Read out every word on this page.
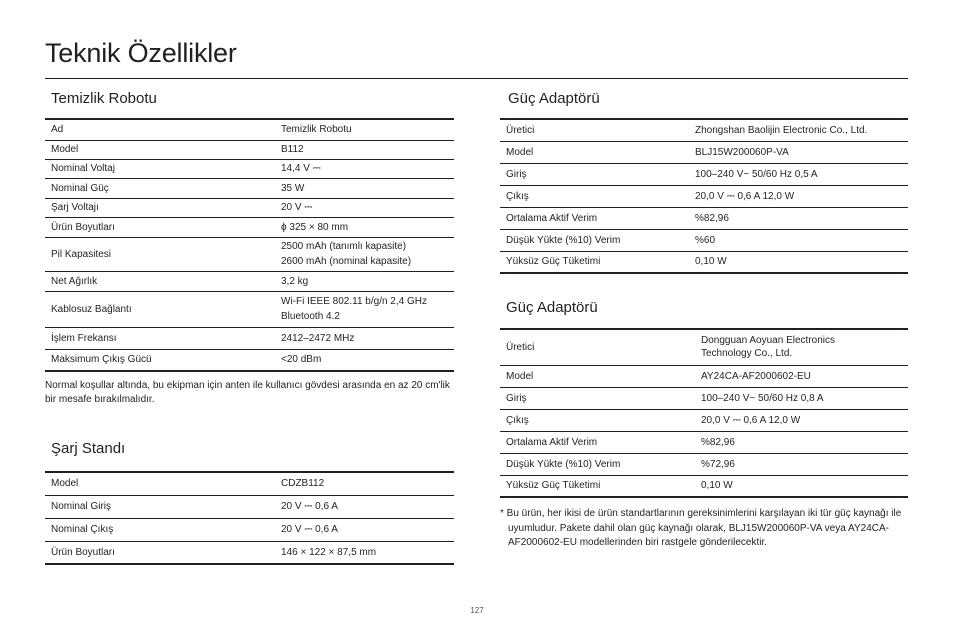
Teknik Özellikler
Temizlik Robotu
Ad	Temizlik Robotu
Model	B112
Nominal Voltaj	14,4 V ⎓
Nominal Güç	35 W
Şarj Voltajı	20 V ⎓
Ürün Boyutları	ϕ 325 × 80 mm
Pil Kapasitesi	2500 mAh (tanımlı kapasite)
2600 mAh (nominal kapasite)

Net Ağırlık	3,2 kg
Kablosuz Bağlantı	Wi-Fi IEEE 802.11 b/g/n 2,4 GHz
Bluetooth 4.2

İşlem Frekansı	2412–2472 MHz
Maksimum Çıkış Gücü	<20 dBm
Normal koşullar altında, bu ekipman için anten ile kullanıcı gövdesi arasında en az 20 cm'lik bir mesafe bırakılmalıdır.
Şarj Standı
Model	CDZB112
Nominal Giriş	20 V ⎓ 0,6 A
Nominal Çıkış	20 V ⎓ 0,6 A
Ürün Boyutları	146 × 122 × 87,5 mm
Güç Adaptörü
Üretici	Zhongshan Baolijin Electronic Co., Ltd.
Model	BLJ15W200060P-VA
Giriş	100–240 V~ 50/60 Hz 0,5 A
Çıkış	20,0 V ⎓ 0,6 A 12,0 W
Ortalama Aktif Verim	%82,96
Düşük Yükte (%10) Verim	%60
Yüksüz Güç Tüketimi	0,10 W
Güç Adaptörü
Üretici	Dongguan Aoyuan Electronics
Technology Co., Ltd.

Model	AY24CA-AF2000602-EU
Giriş	100–240 V~ 50/60 Hz 0,8 A
Çıkış	20,0 V ⎓ 0,6 A 12,0 W
Ortalama Aktif Verim	%82,96
Düşük Yükte (%10) Verim	%72,96
Yüksüz Güç Tüketimi	0,10 W
* Bu ürün, her ikisi de ürün standartlarının gereksinimlerini karşılayan iki tür güç kaynağı ile uyumludur. Pakete dahil olan güç kaynağı olarak, BLJ15W200060P-VA veya AY24CA-AF2000602-EU modellerinden biri rastgele gönderilecektir.
127
